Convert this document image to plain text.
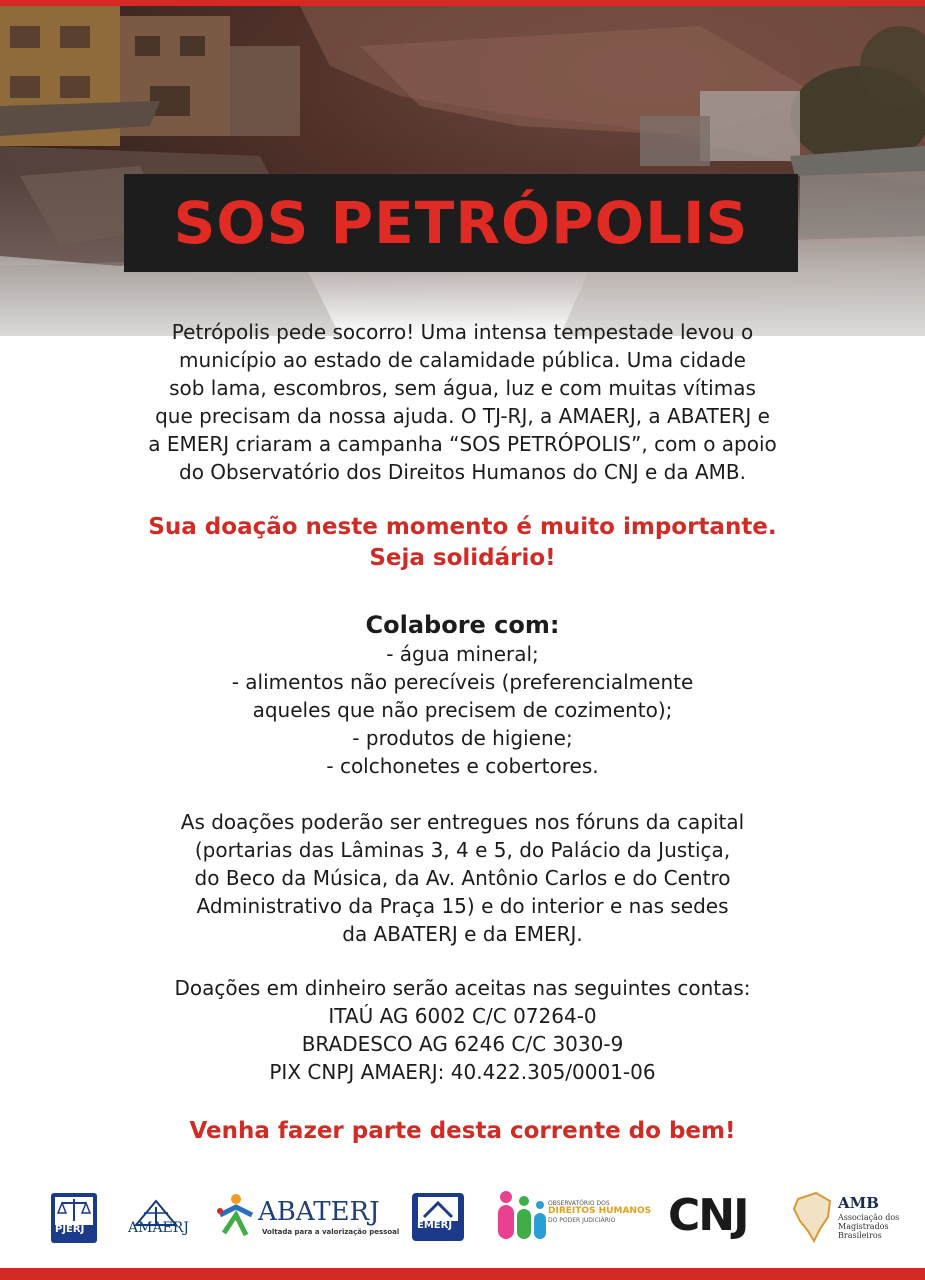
SOS PETRÓPOLIS
Petrópolis pede socorro! Uma intensa tempestade levou o
município ao estado de calamidade pública. Uma cidade
sob lama, escombros, sem água, luz e com muitas vítimas
que precisam da nossa ajuda. O TJ-RJ, a AMAERJ, a ABATERJ e
a EMERJ criaram a campanha “SOS PETRÓPOLIS”, com o apoio
do Observatório dos Direitos Humanos do CNJ e da AMB.
Sua doação neste momento é muito importante.
Seja solidário!
Colabore com:
- água mineral;
- alimentos não perecíveis (preferencialmente
aqueles que não precisem de cozimento);
- produtos de higiene;
- colchonetes e cobertores.
As doações poderão ser entregues nos fóruns da capital
(portarias das Lâminas 3, 4 e 5, do Palácio da Justiça,
do Beco da Música, da Av. Antônio Carlos e do Centro
Administrativo da Praça 15) e do interior e nas sedes
da ABATERJ e da EMERJ.
Doações em dinheiro serão aceitas nas seguintes contas:
ITAÚ AG 6002 C/C 07264-0
BRADESCO AG 6246 C/C 3030-9
PIX CNPJ AMAERJ: 40.422.305/0001-06
Venha fazer parte desta corrente do bem!
PJERJ	AMAERJ
ABATERJ
Voltada para a valorização pessoal
EMERJ
OBSERVATÓRIO DOS
DIREITOS HUMANOS
DO PODER JUDICIÁRIO CNJ	AMB
Associação dos
Magistrados
Brasileiros
